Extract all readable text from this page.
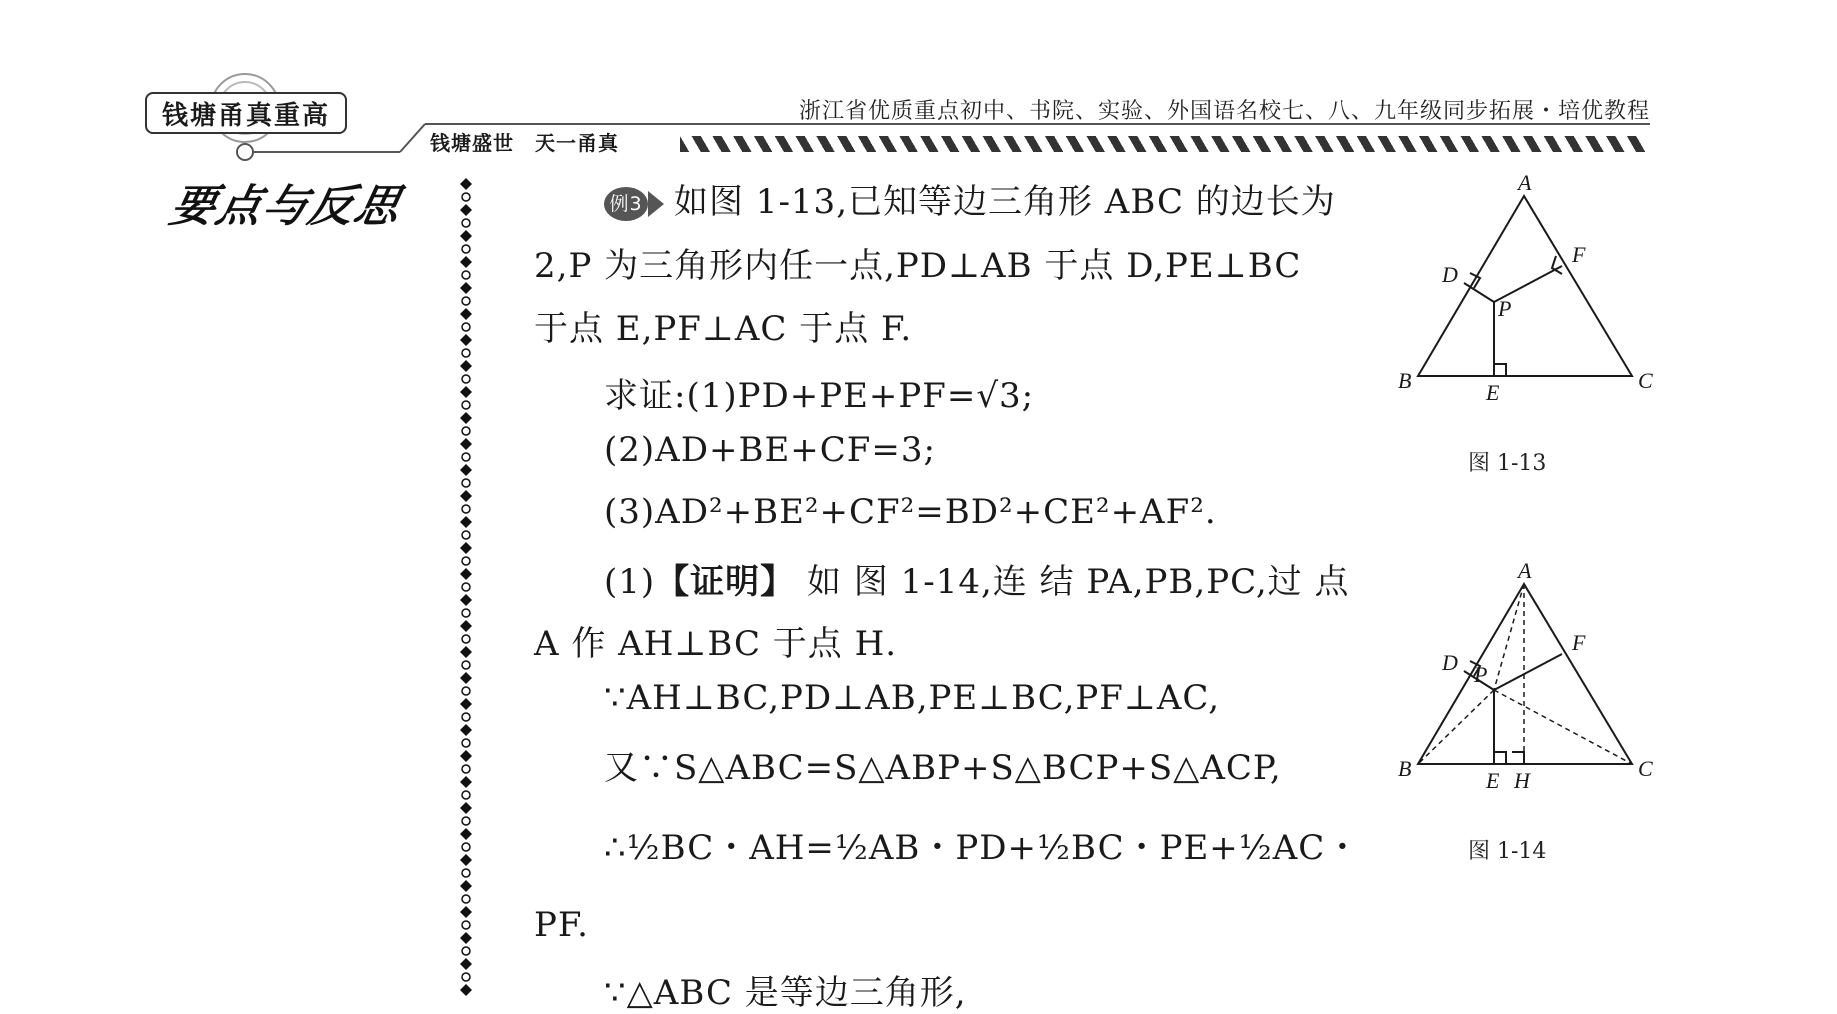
钱塘甬真重高	浙江省优质重点初中、书院、实验、外国语名校七、八、九年级同步拓展・培优教程
钱塘盛世　天一甬真
要点与反思	例3 如图 1-13,已知等边三角形 ABC 的边长为
2,P 为三角形内任一点,PD⊥AB 于点 D,PE⊥BC
于点 E,PF⊥AC 于点 F.
求证:(1)PD+PE+PF=√3;
(2)AD+BE+CF=3;
(3)AD²+BE²+CF²=BD²+CE²+AF².
(1)【证明】 如 图 1-14,连 结 PA,PB,PC,过 点
A 作 AH⊥BC 于点 H.
∵AH⊥BC,PD⊥AB,PE⊥BC,PF⊥AC,
又∵S△ABC=S△ABP+S△BCP+S△ACP,
∴½BC・AH=½AB・PD+½BC・PE+½AC・
PF.
∵△ABC 是等边三角形,
A
B	C
D
E
F
P
图 1-13
A
B	C
D
E
F
P
H
图 1-14
